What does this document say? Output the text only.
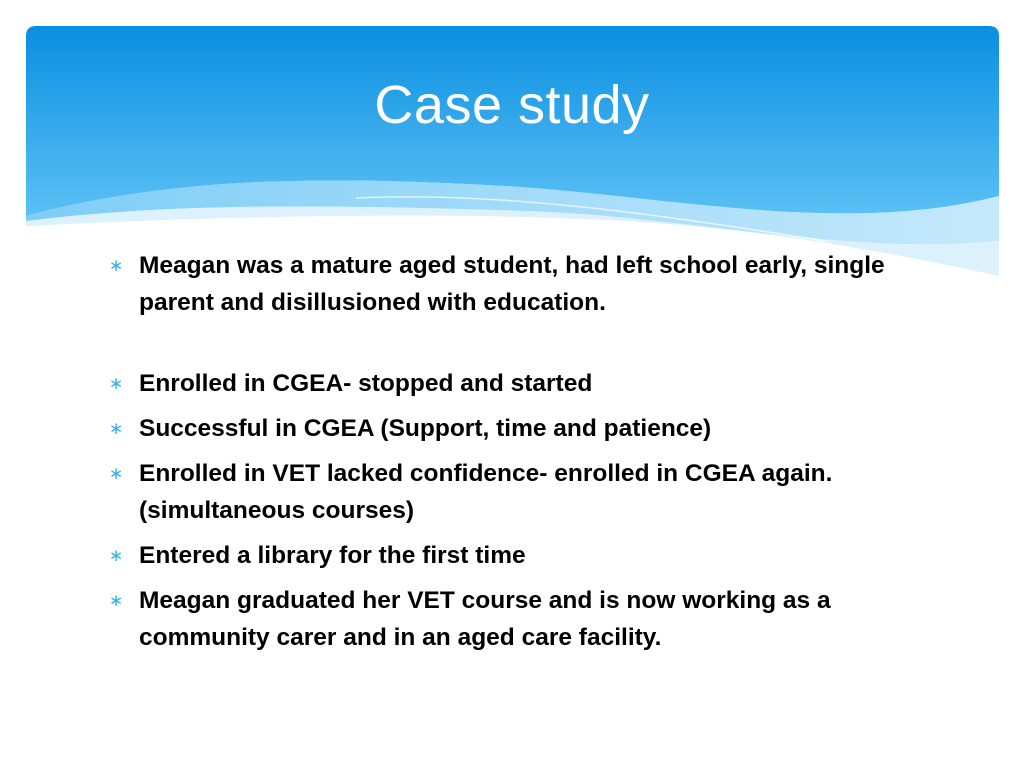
Case study
∗ Meagan was a mature aged student, had left school early, single parent and disillusioned with education.
∗ Enrolled in CGEA- stopped and started
∗ Successful in CGEA (Support, time and patience)
∗ Enrolled in VET lacked confidence- enrolled in CGEA again. (simultaneous courses)
∗ Entered a library for the first time
∗ Meagan graduated her VET course and is now working as a community carer and in an aged care facility.
